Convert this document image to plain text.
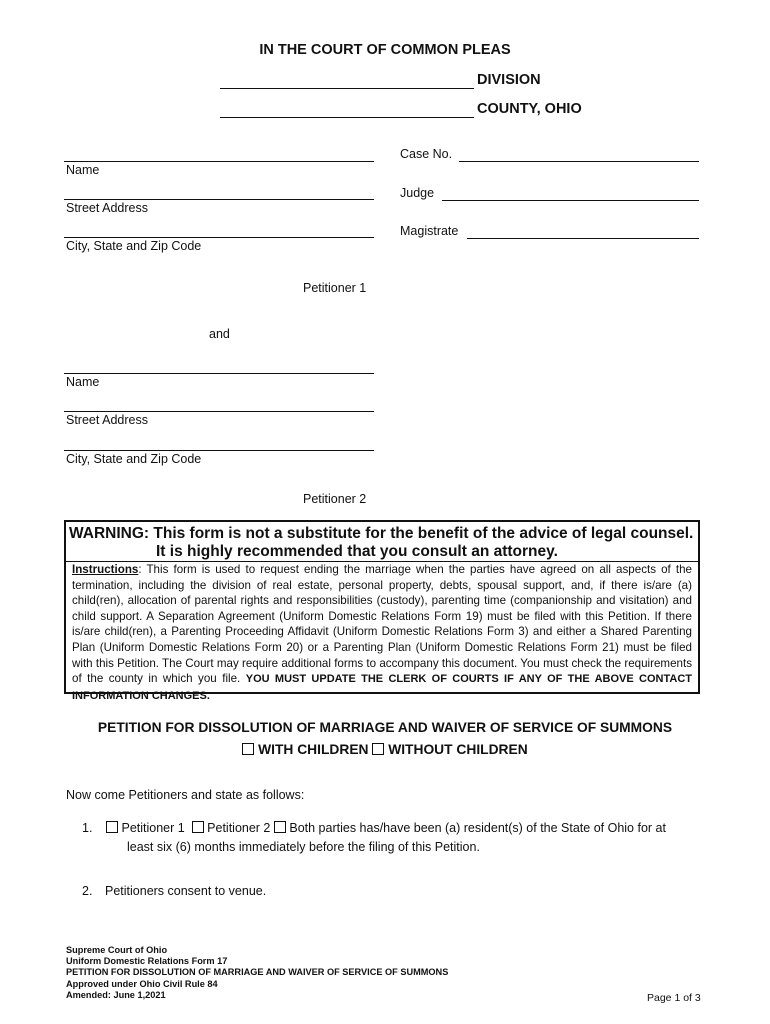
IN THE COURT OF COMMON PLEAS
DIVISION
COUNTY, OHIO
Case No.
Judge
Magistrate
Name
Street Address
City, State and Zip Code
Petitioner 1
and
Name
Street Address
City, State and Zip Code
Petitioner 2
WARNING: This form is not a substitute for the benefit of the advice of legal counsel.
It is highly recommended that you consult an attorney.
Instructions: This form is used to request ending the marriage when the parties have agreed on all aspects of the termination, including the division of real estate, personal property, debts, spousal support, and, if there is/are (a) child(ren), allocation of parental rights and responsibilities (custody), parenting time (companionship and visitation) and child support. A Separation Agreement (Uniform Domestic Relations Form 19) must be filed with this Petition. If there is/are child(ren), a Parenting Proceeding Affidavit (Uniform Domestic Relations Form 3) and either a Shared Parenting Plan (Uniform Domestic Relations Form 20) or a Parenting Plan (Uniform Domestic Relations Form 21) must be filed with this Petition. The Court may require additional forms to accompany this document. You must check the requirements of the county in which you file. YOU MUST UPDATE THE CLERK OF COURTS IF ANY OF THE ABOVE CONTACT INFORMATION CHANGES.
PETITION FOR DISSOLUTION OF MARRIAGE AND WAIVER OF SERVICE OF SUMMONS
WITH CHILDREN WITHOUT CHILDREN
Now come Petitioners and state as follows:
1.	Petitioner 1 Petitioner 2 Both parties has/have been (a) resident(s) of the State of Ohio for at
least six (6) months immediately before the filing of this Petition.
2. Petitioners consent to venue.
Supreme Court of Ohio
Uniform Domestic Relations Form 17
PETITION FOR DISSOLUTION OF MARRIAGE AND WAIVER OF SERVICE OF SUMMONS
Approved under Ohio Civil Rule 84
Amended: June 1,2021	Page 1 of 3
